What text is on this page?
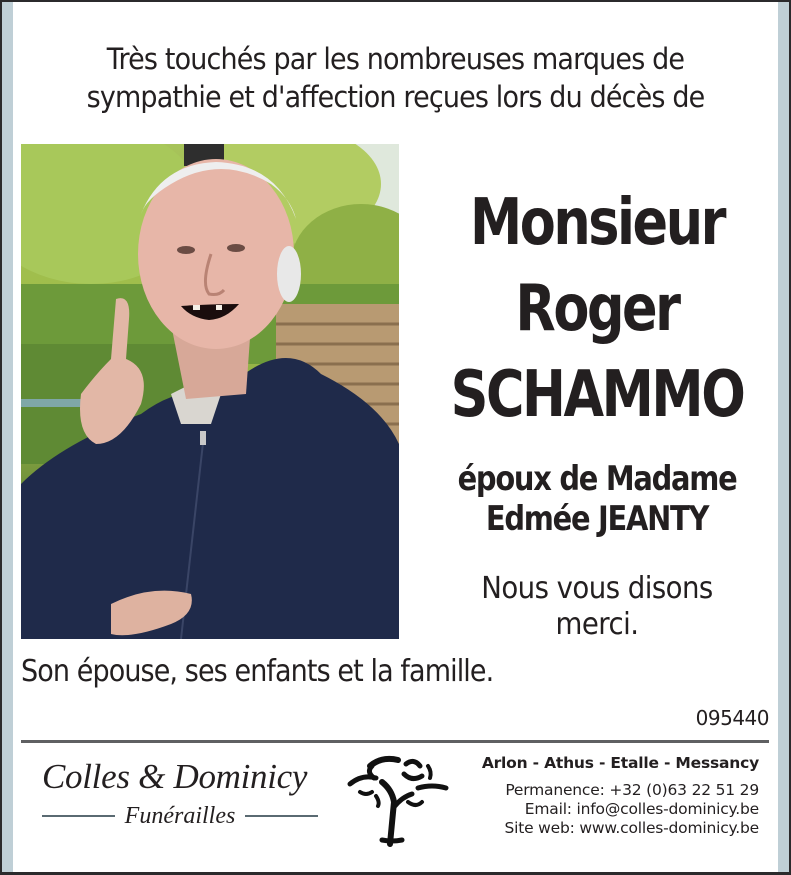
Très touchés par les nombreuses marques de
sympathie et d'affection reçues lors du décès de
Monsieur
Roger
SCHAMMO
époux de Madame
Edmée JEANTY
Nous vous disons
merci.
Son épouse, ses enfants et la famille.
095440
Colles & Dominicy
Funérailles
Arlon - Athus - Etalle - Messancy
Permanence: +32 (0)63 22 51 29
Email: info@colles-dominicy.be
Site web: www.colles-dominicy.be
